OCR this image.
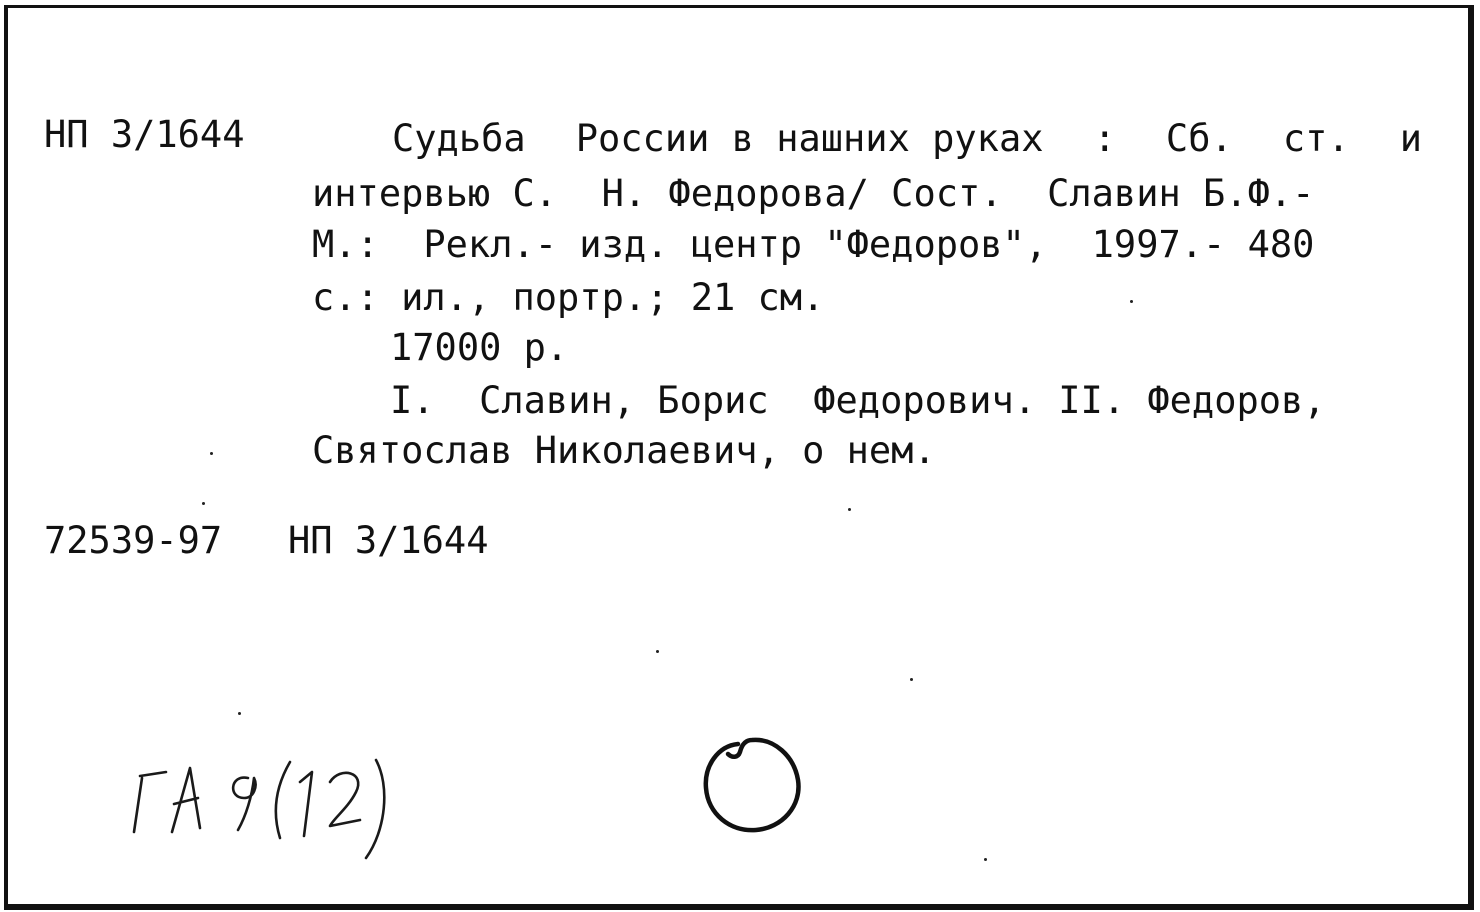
НП 3/1644	Судьба России в нашних руках : Сб. ст. и
интервью С.  Н. Федорова/ Сост.  Славин Б.Ф.-
М.:  Рекл.- изд. центр "Федоров",  1997.- 480
с.: ил., портр.; 21 см.
17000 р.
I.  Славин, Борис  Федорович. II. Федоров,
Святослав Николаевич, о нем.
72539-97 НП 3/1644
